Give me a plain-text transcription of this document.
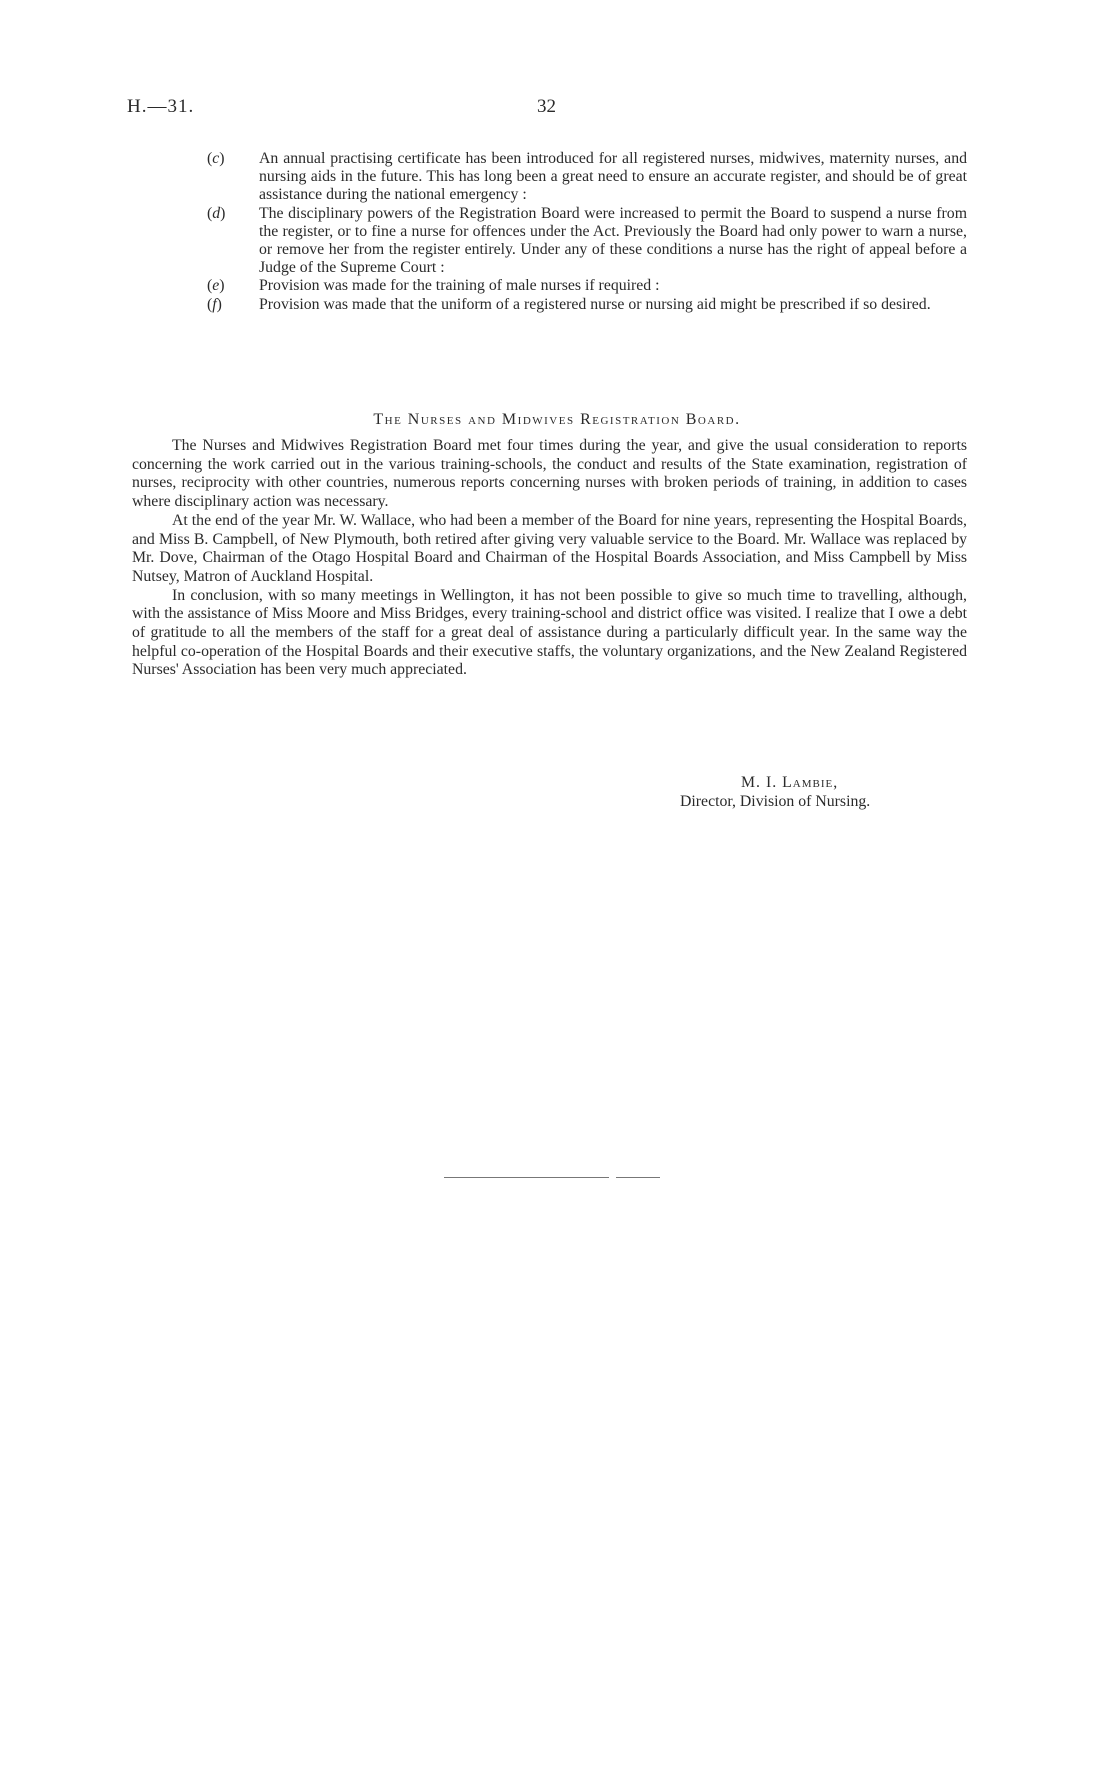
H.—31.	32
(c) An annual practising certificate has been introduced for all registered nurses, midwives, maternity nurses, and nursing aids in the future. This has long been a great need to ensure an accurate register, and should be of great assistance during the national emergency :
(d) The disciplinary powers of the Registration Board were increased to permit the Board to suspend a nurse from the register, or to fine a nurse for offences under the Act. Previously the Board had only power to warn a nurse, or remove her from the register entirely. Under any of these conditions a nurse has the right of appeal before a Judge of the Supreme Court :
(e) Provision was made for the training of male nurses if required :
(f) Provision was made that the uniform of a registered nurse or nursing aid might be prescribed if so desired.
The Nurses and Midwives Registration Board.

The Nurses and Midwives Registration Board met four times during the year, and give the usual consideration to reports concerning the work carried out in the various training-schools, the conduct and results of the State examination, registration of nurses, reciprocity with other countries, numerous reports concerning nurses with broken periods of training, in addition to cases where disciplinary action was necessary.

At the end of the year Mr. W. Wallace, who had been a member of the Board for nine years, representing the Hospital Boards, and Miss B. Campbell, of New Plymouth, both retired after giving very valuable service to the Board. Mr. Wallace was replaced by Mr. Dove, Chairman of the Otago Hospital Board and Chairman of the Hospital Boards Association, and Miss Campbell by Miss Nutsey, Matron of Auckland Hospital.

In conclusion, with so many meetings in Wellington, it has not been possible to give so much time to travelling, although, with the assistance of Miss Moore and Miss Bridges, every training-school and district office was visited. I realize that I owe a debt of gratitude to all the members of the staff for a great deal of assistance during a particularly difficult year. In the same way the helpful co-operation of the Hospital Boards and their executive staffs, the voluntary organizations, and the New Zealand Registered Nurses' Association has been very much appreciated.

M. I. Lambie,
Director, Division of Nursing.
